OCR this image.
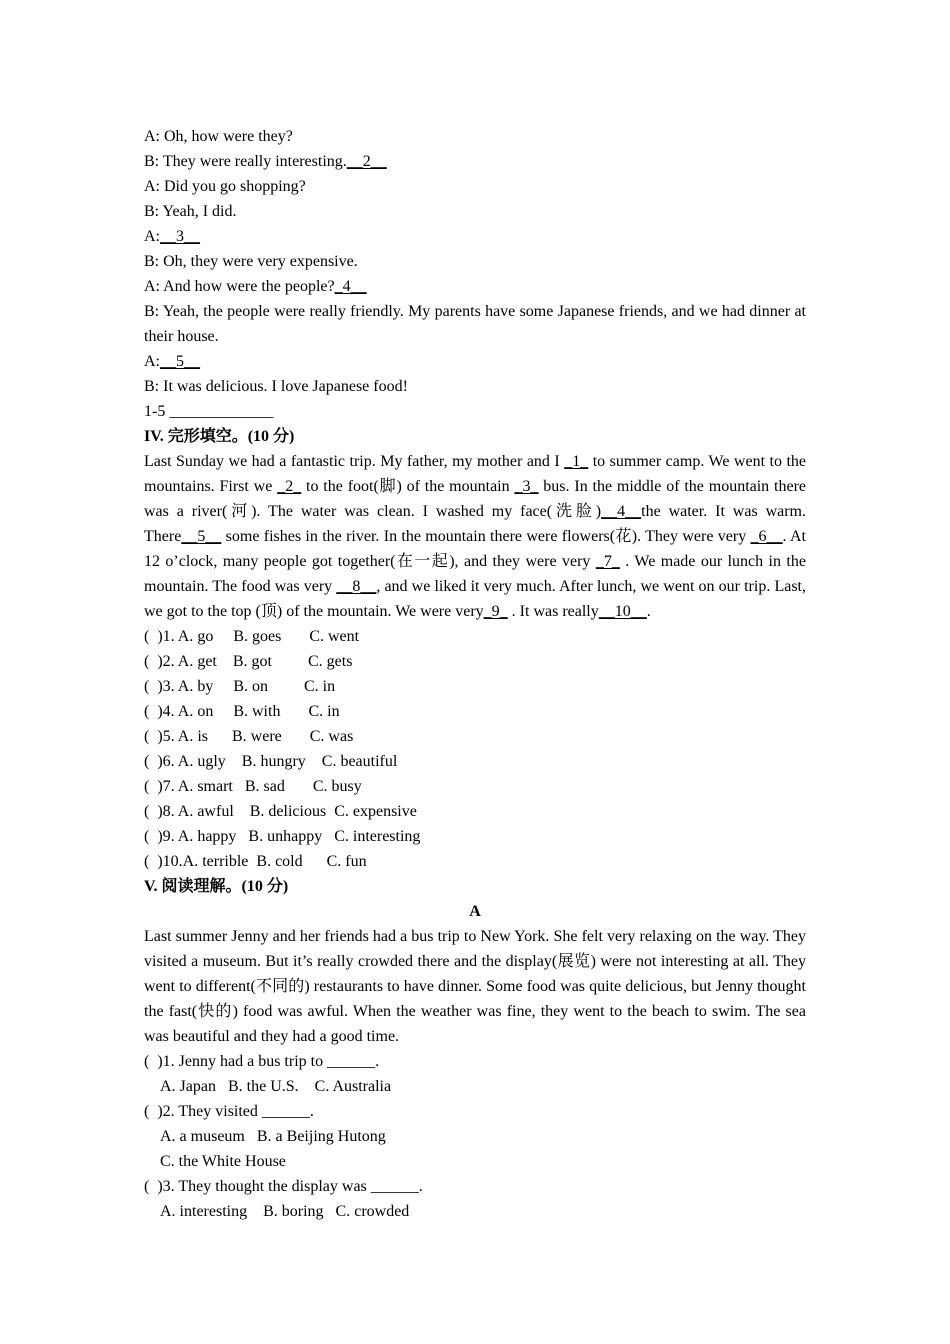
A: Oh, how were they?
B: They were really interesting.__2__
A: Did you go shopping?
B: Yeah, I did.
A:__3__
B: Oh, they were very expensive.
A: And how were the people?_4__
B: Yeah, the people were really friendly. My parents have some Japanese friends, and we had dinner at their house.
A:__5__
B: It was delicious. I love Japanese food!
1-5 _____________
IV. 完形填空。(10 分)
Last Sunday we had a fantastic trip. My father, my mother and I _1_ to summer camp. We went to the mountains. First we _2_ to the foot(脚) of the mountain _3_ bus. In the middle of the mountain there was a river(河). The water was clean. I washed my face(洗脸)__4__the water. It was warm. There__5__ some fishes in the river. In the mountain there were flowers(花). They were very _6__. At 12 o’clock, many people got together(在一起), and they were very _7_ . We made our lunch in the mountain. The food was very __8__, and we liked it very much. After lunch, we went on our trip. Last, we got to the top (顶) of the mountain. We were very_9_ . It was really__10__.
(  )1. A. go     B. goes       C. went
(  )2. A. get    B. got         C. gets
(  )3. A. by     B. on         C. in
(  )4. A. on     B. with       C. in
(  )5. A. is      B. were       C. was
(  )6. A. ugly    B. hungry    C. beautiful
(  )7. A. smart   B. sad       C. busy
(  )8. A. awful    B. delicious  C. expensive
(  )9. A. happy   B. unhappy   C. interesting
(  )10.A. terrible  B. cold      C. fun
V. 阅读理解。(10 分)
A
Last summer Jenny and her friends had a bus trip to New York. She felt very relaxing on the way. They visited a museum. But it’s really crowded there and the display(展览) were not interesting at all. They went to different(不同的) restaurants to have dinner. Some food was quite delicious, but Jenny thought the fast(快的) food was awful. When the weather was fine, they went to the beach to swim. The sea was beautiful and they had a good time.
(  )1. Jenny had a bus trip to ______.
A. Japan   B. the U.S.    C. Australia
(  )2. They visited ______.
A. a museum   B. a Beijing Hutong
C. the White House
(  )3. They thought the display was ______.
A. interesting    B. boring   C. crowded
